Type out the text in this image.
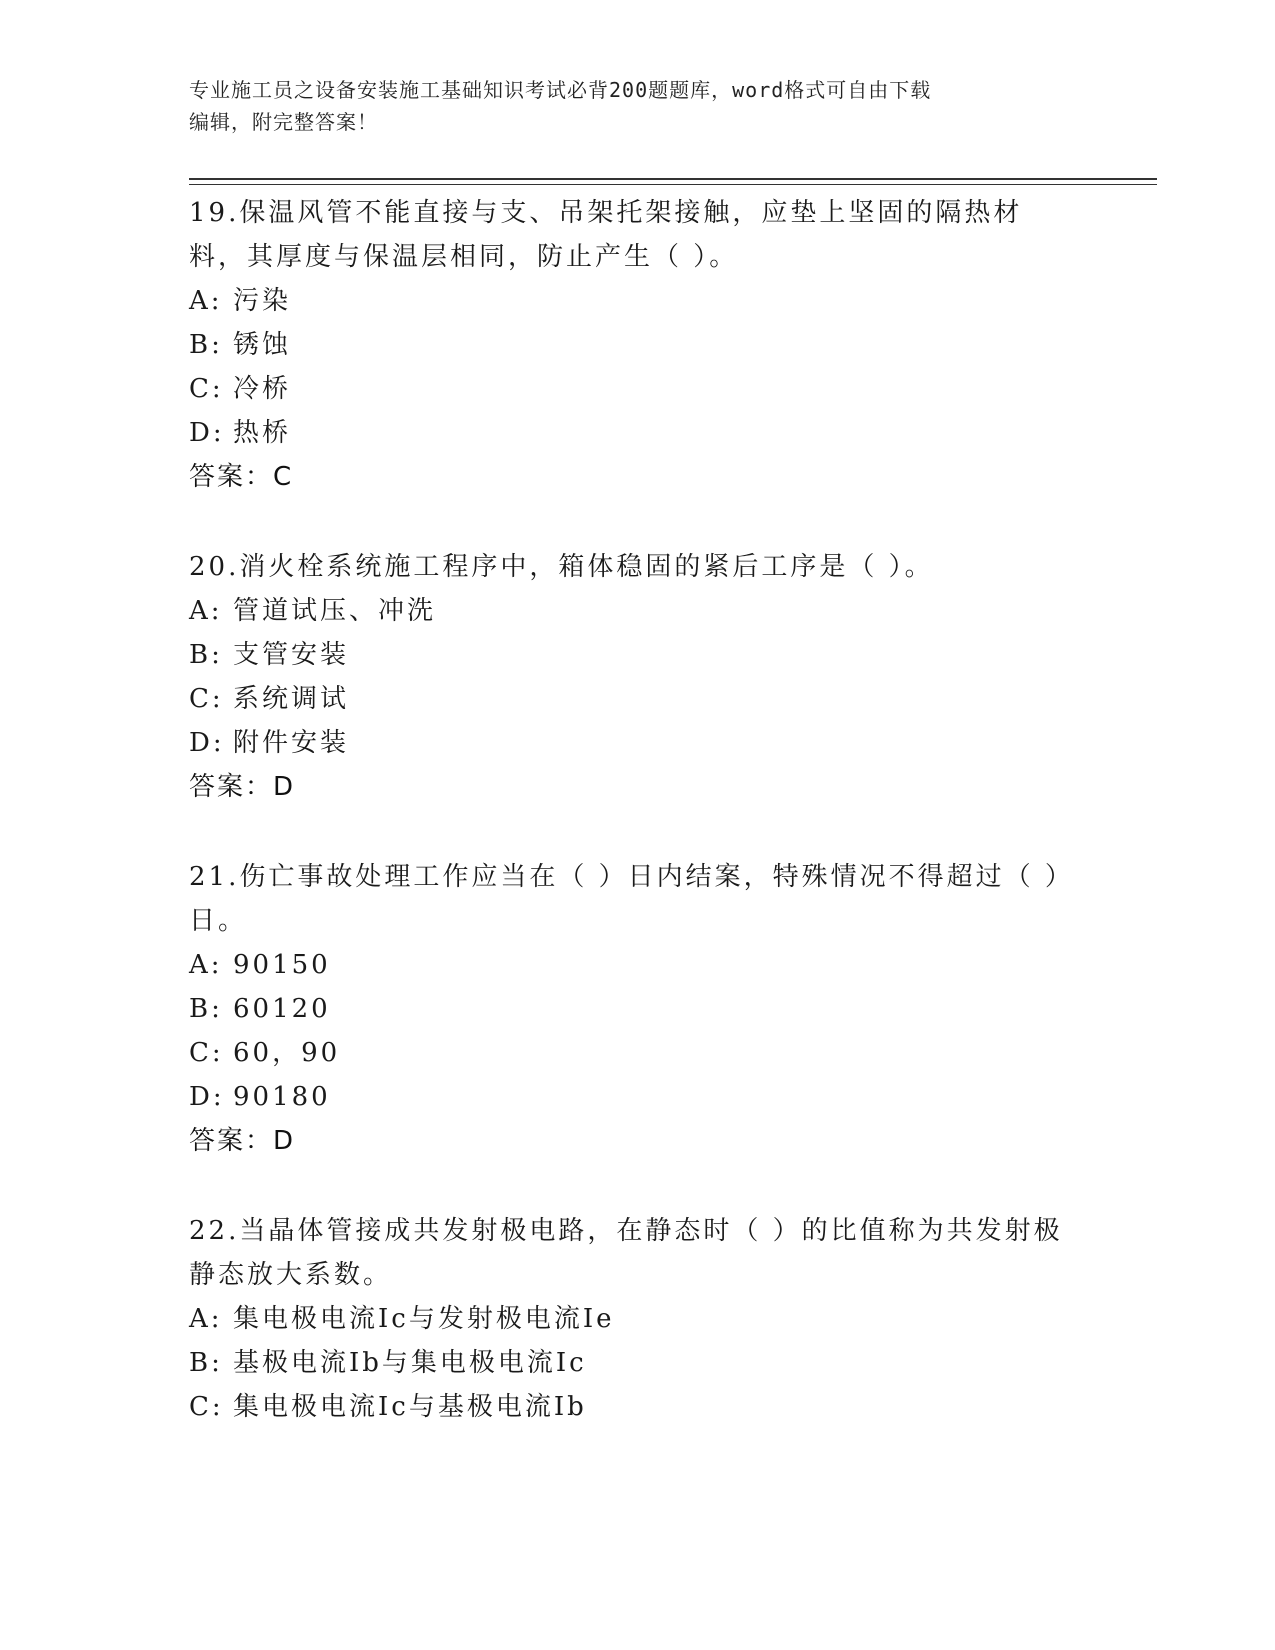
专业施工员之设备安装施工基础知识考试必背200题题库，word格式可自由下载
编辑，附完整答案！

19.保温风管不能直接与支、吊架托架接触，应垫上坚固的隔热材料，其厚度与保温层相同，防止产生（ ）。

A: 污染
B: 锈蚀
C: 冷桥
D: 热桥
答案：C

20.消火栓系统施工程序中，箱体稳固的紧后工序是（ ）。

A: 管道试压、冲洗
B: 支管安装
C: 系统调试
D: 附件安装
答案：D

21.伤亡事故处理工作应当在（ ）日内结案，特殊情况不得超过（ ）日。

A: 90150
B: 60120
C: 60，90
D: 90180
答案：D

22.当晶体管接成共发射极电路，在静态时（ ）的比值称为共发射极静态放大系数。

A: 集电极电流Ic与发射极电流Ie
B: 基极电流Ib与集电极电流Ic
C: 集电极电流Ic与基极电流Ib
